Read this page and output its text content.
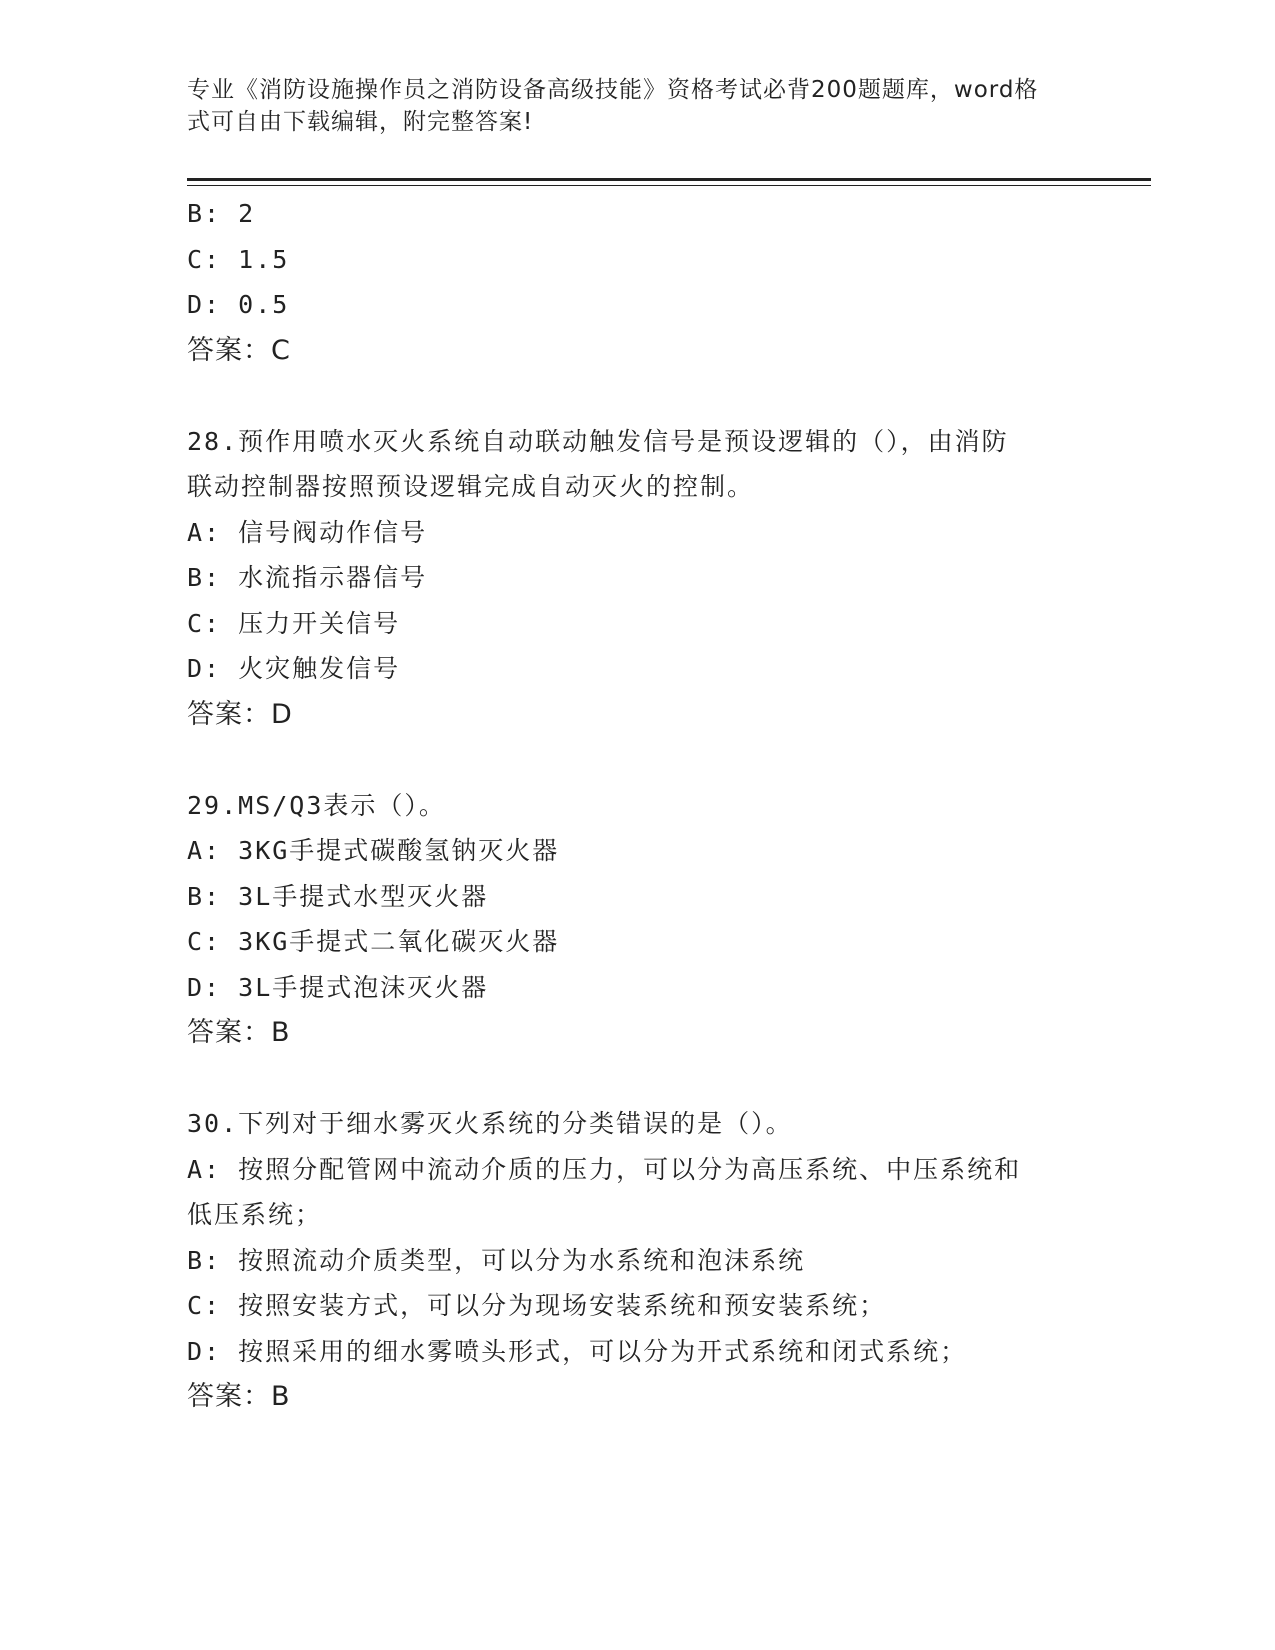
专业《消防设施操作员之消防设备高级技能》资格考试必背200题题库，word格
式可自由下载编辑，附完整答案!
B: 2
C: 1.5
D: 0.5
答案：C
28.预作用喷水灭火系统自动联动触发信号是预设逻辑的（），由消防
联动控制器按照预设逻辑完成自动灭火的控制。
A: 信号阀动作信号
B: 水流指示器信号
C: 压力开关信号
D: 火灾触发信号
答案：D
29.MS/Q3表示（）。
A: 3KG手提式碳酸氢钠灭火器
B: 3L手提式水型灭火器
C: 3KG手提式二氧化碳灭火器
D: 3L手提式泡沫灭火器
答案：B
30.下列对于细水雾灭火系统的分类错误的是（）。
A: 按照分配管网中流动介质的压力，可以分为高压系统、中压系统和
低压系统；
B: 按照流动介质类型，可以分为水系统和泡沫系统
C: 按照安装方式，可以分为现场安装系统和预安装系统；
D: 按照采用的细水雾喷头形式，可以分为开式系统和闭式系统；
答案：B
